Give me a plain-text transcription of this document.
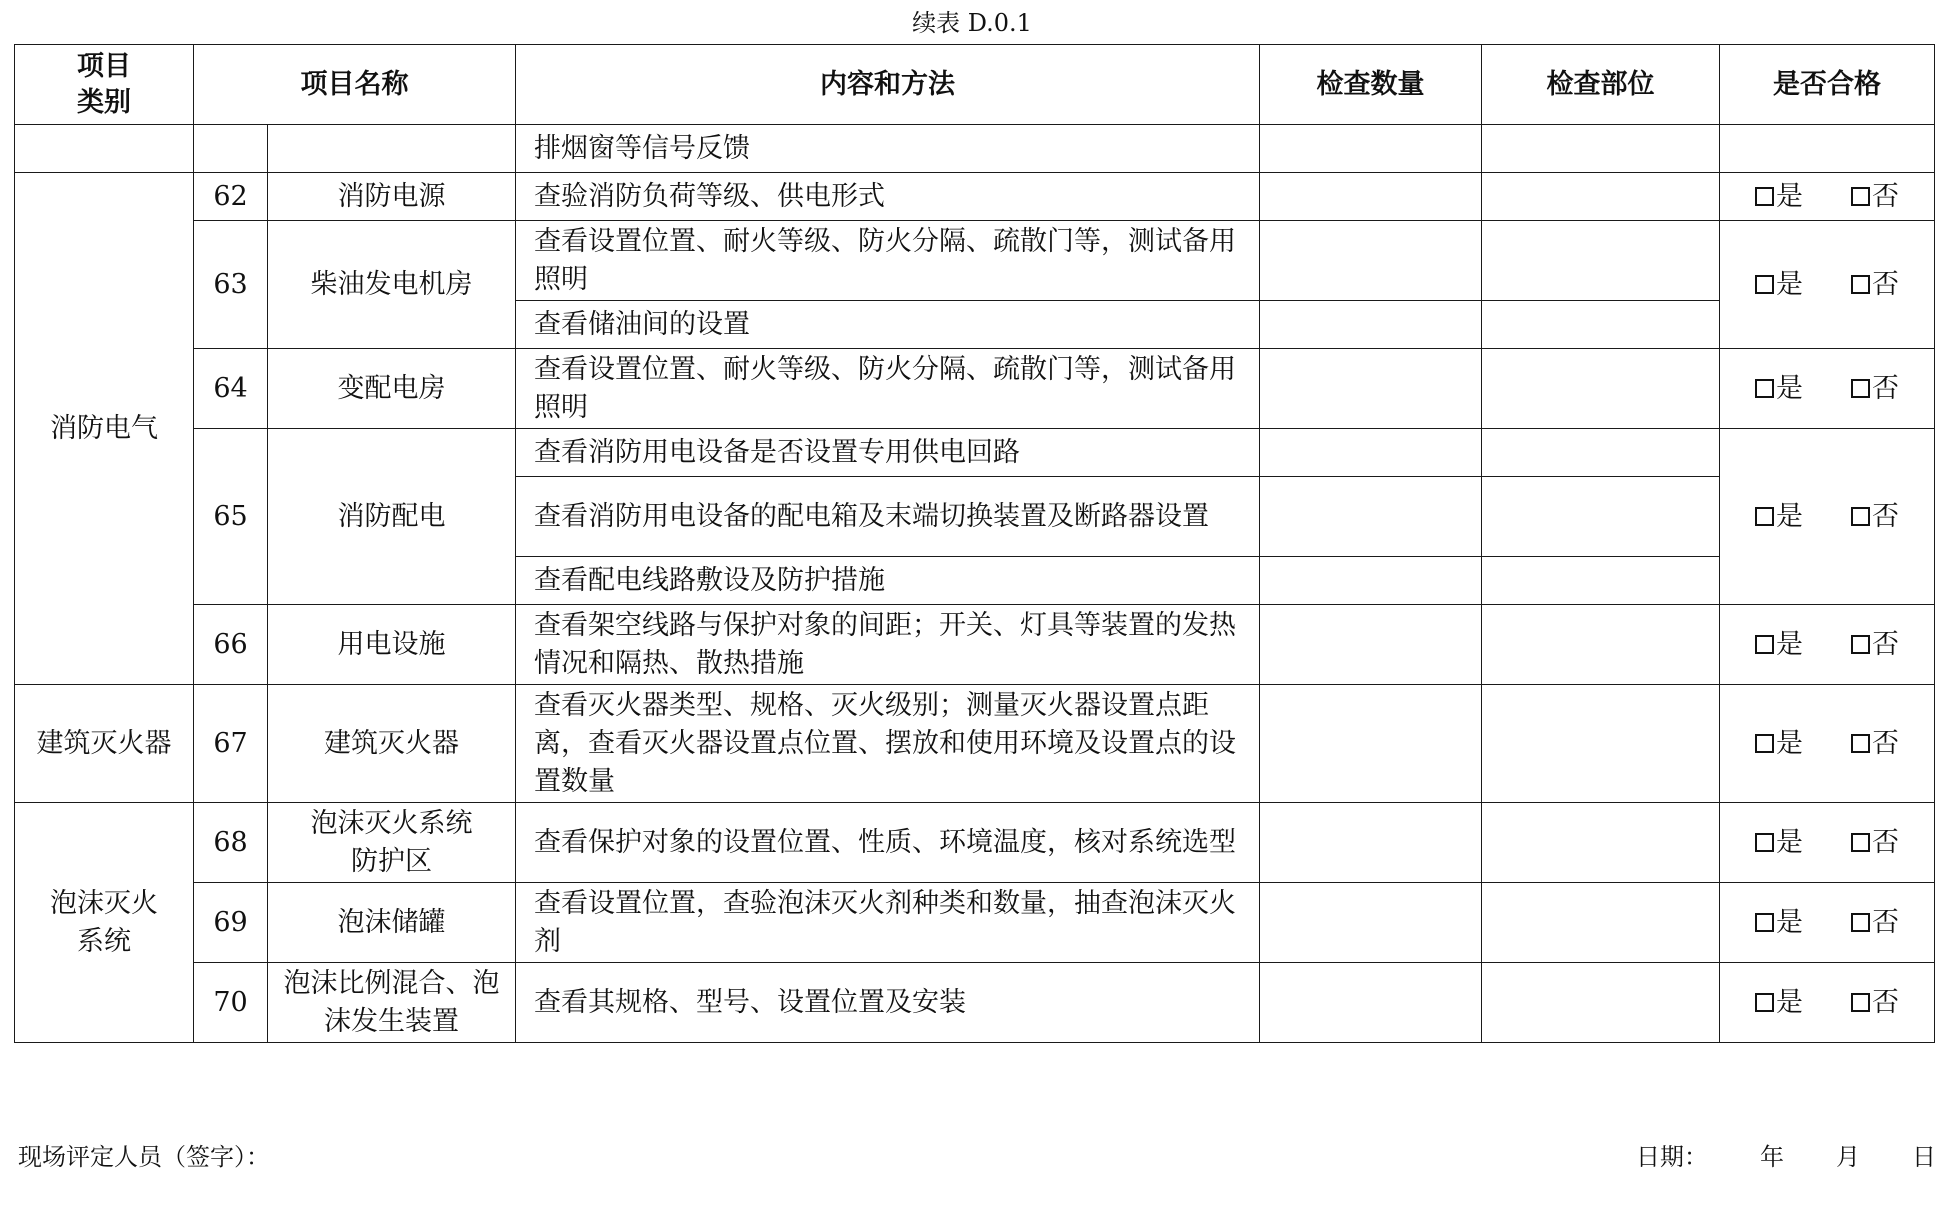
续表 D.0.1
项目
类别	项目名称		内容和方法	检查数量	检查部位	是否合格
			排烟窗等信号反馈			
消防电气	62	消防电源	查验消防负荷等级、供电形式			是 否
	63	柴油发电机房	查看设置位置、耐火等级、防火分隔、疏散门等，测试备用照明			是 否
			查看储油间的设置			
	64	变配电房	查看设置位置、耐火等级、防火分隔、疏散门等，测试备用照明			是 否
	65	消防配电	查看消防用电设备是否设置专用供电回路			是 否
			查看消防用电设备的配电箱及末端切换装置及断路器设置			
			查看配电线路敷设及防护措施			
	66	用电设施	查看架空线路与保护对象的间距；开关、灯具等装置的发热情况和隔热、散热措施			是 否
建筑灭火器	67	建筑灭火器	查看灭火器类型、规格、灭火级别；测量灭火器设置点距离，查看灭火器设置点位置、摆放和使用环境及设置点的设置数量			是 否
泡沫灭火系统	68	泡沫灭火系统防护区	查看保护对象的设置位置、性质、环境温度，核对系统选型			是 否
	69	泡沫储罐	查看设置位置，查验泡沫灭火剂种类和数量，抽查泡沫灭火剂			是 否
	70	泡沫比例混合、泡沫发生装置	查看其规格、型号、设置位置及安装			是 否
现场评定人员（签字）：	日期： 年 月 日
